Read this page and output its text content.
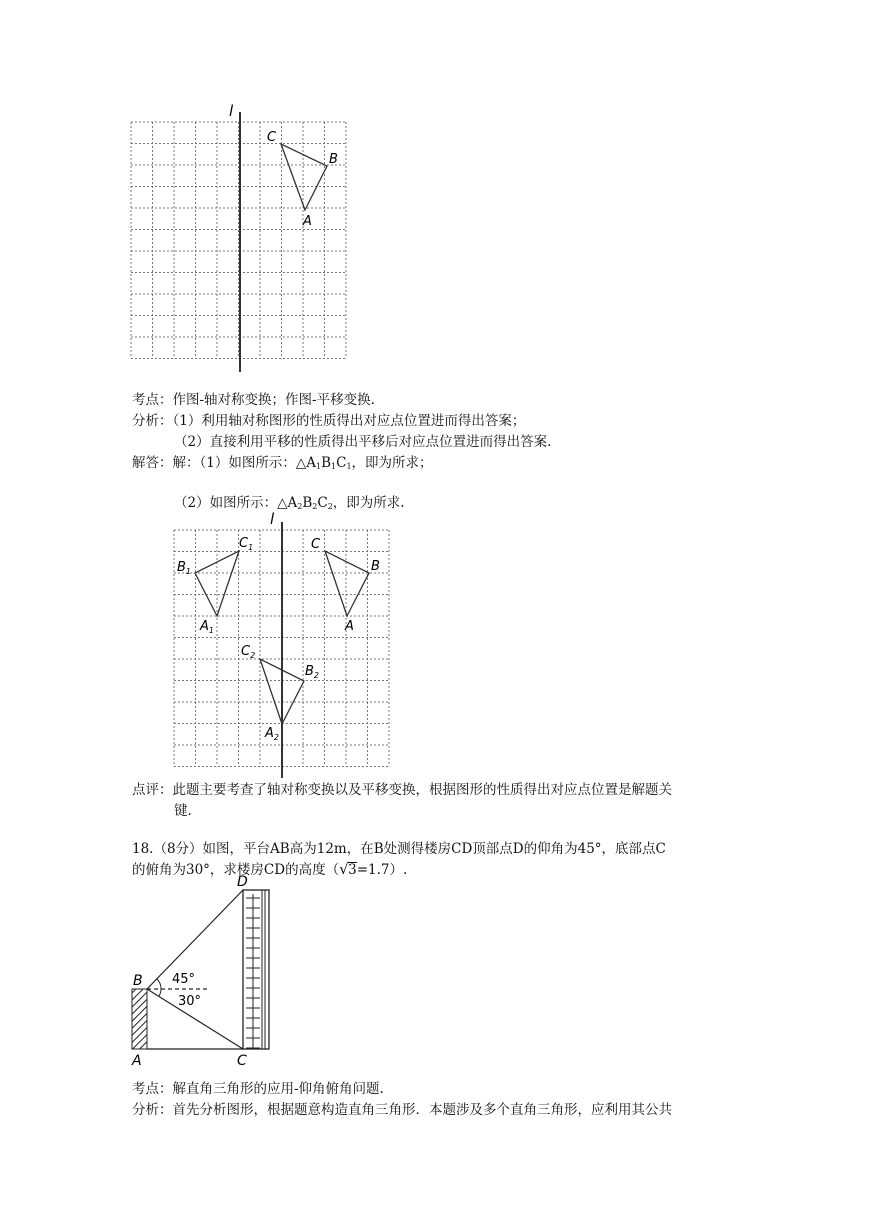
l
C
B
A
考点：作图-轴对称变换；作图-平移变换.
分析：（1）利用轴对称图形的性质得出对应点位置进而得出答案；
（2）直接利用平移的性质得出平移后对应点位置进而得出答案.
解答：解：（1）如图所示：$\triangle A_1B_1C_1$，即为所求；
（2）如图所示：$\triangle A_2B_2C_2$，即为所求.
l
C
B
A
$C_1$
$B_1$
$A_1$
$C_2$
$B_2$
$A_2$
点评：此题主要考查了轴对称变换以及平移变换，根据图形的性质得出对应点位置是解题关
键.
18.（8分）如图，平台AB高为12m，在B处测得楼房CD顶部点D的仰角为45°，底部点C
的俯角为30°，求楼房CD的高度（ √ 3=1.7）.
D
B
A	C
45°
30°
考点：解直角三角形的应用-仰角俯角问题.
分析：首先分析图形，根据题意构造直角三角形．本题涉及多个直角三角形，应利用其公共
